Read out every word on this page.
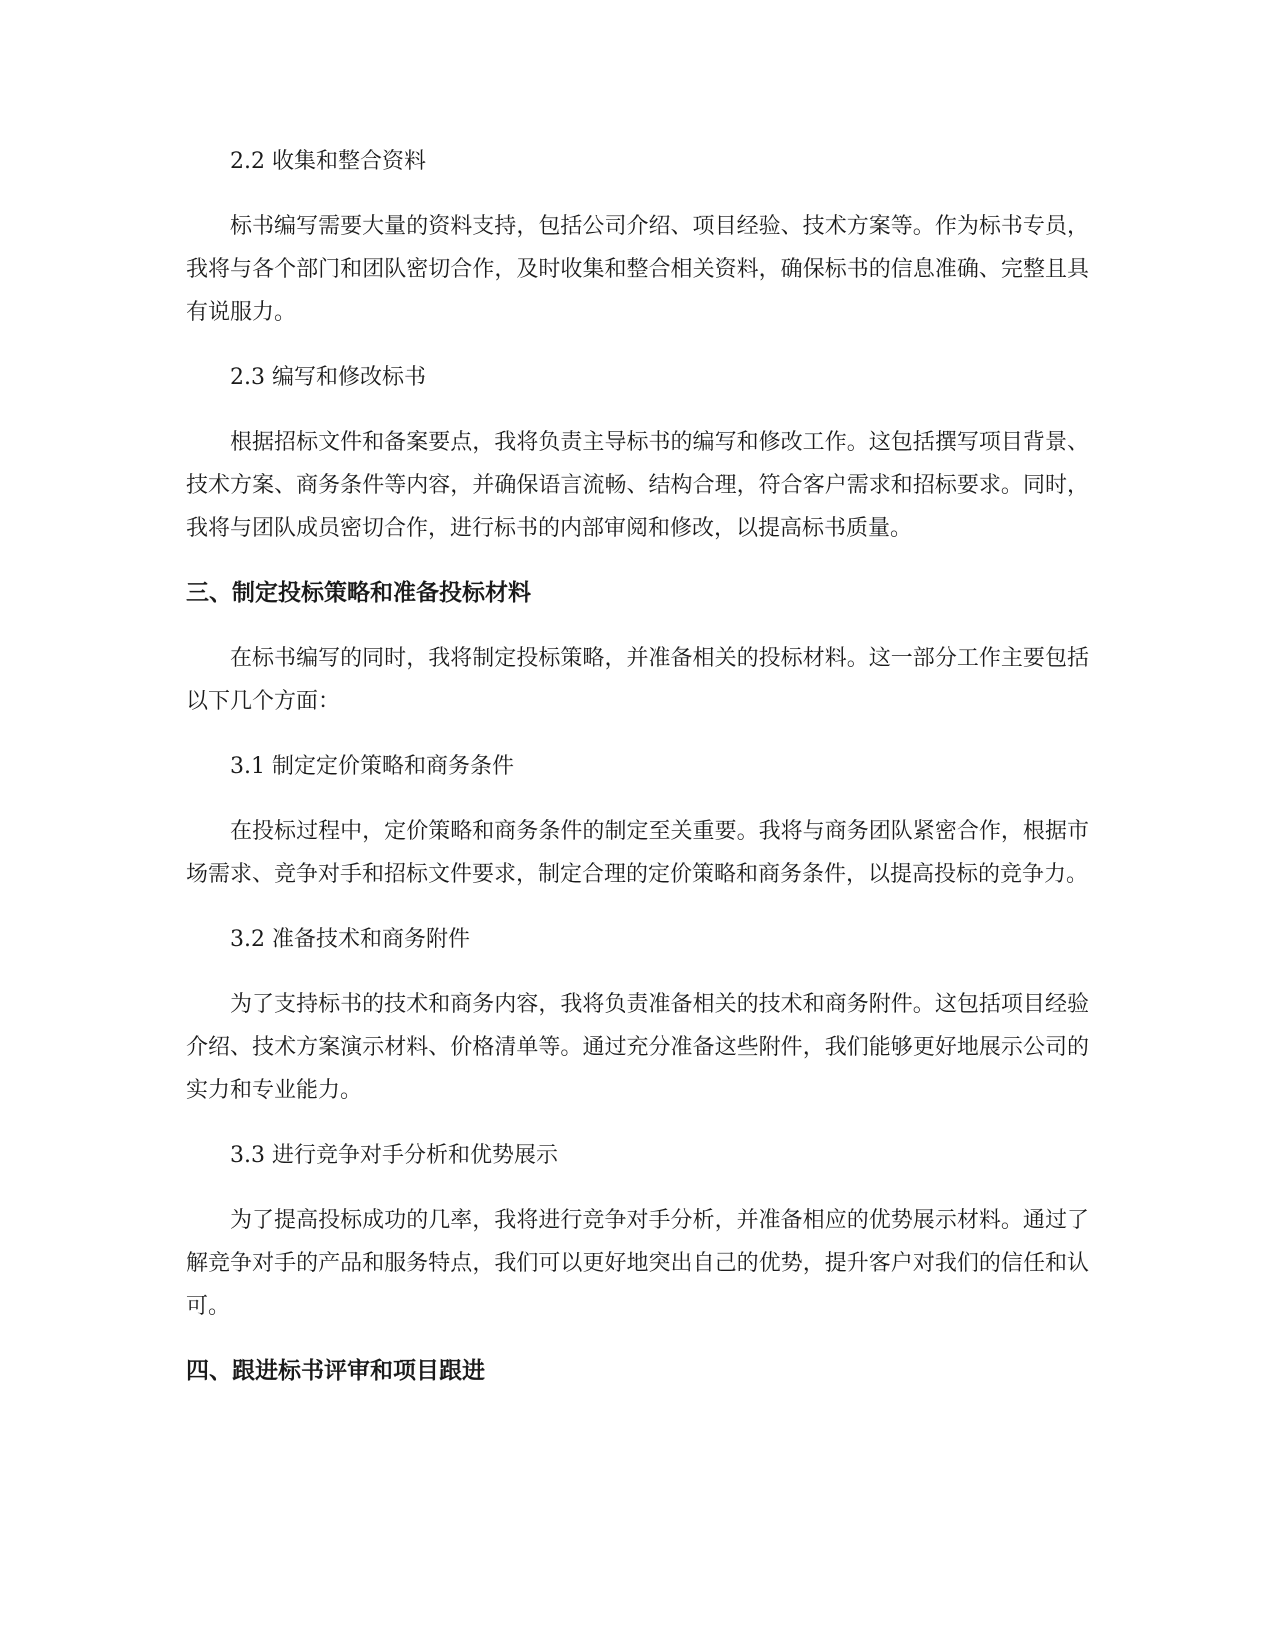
2.2 收集和整合资料

标书编写需要大量的资料支持，包括公司介绍、项目经验、技术方案等。作为标书专员，我将与各个部门和团队密切合作，及时收集和整合相关资料，确保标书的信息准确、完整且具有说服力。

2.3 编写和修改标书

根据招标文件和备案要点，我将负责主导标书的编写和修改工作。这包括撰写项目背景、技术方案、商务条件等内容，并确保语言流畅、结构合理，符合客户需求和招标要求。同时，我将与团队成员密切合作，进行标书的内部审阅和修改，以提高标书质量。

三、制定投标策略和准备投标材料

在标书编写的同时，我将制定投标策略，并准备相关的投标材料。这一部分工作主要包括以下几个方面：

3.1 制定定价策略和商务条件

在投标过程中，定价策略和商务条件的制定至关重要。我将与商务团队紧密合作，根据市场需求、竞争对手和招标文件要求，制定合理的定价策略和商务条件，以提高投标的竞争力。

3.2 准备技术和商务附件

为了支持标书的技术和商务内容，我将负责准备相关的技术和商务附件。这包括项目经验介绍、技术方案演示材料、价格清单等。通过充分准备这些附件，我们能够更好地展示公司的实力和专业能力。

3.3 进行竞争对手分析和优势展示

为了提高投标成功的几率，我将进行竞争对手分析，并准备相应的优势展示材料。通过了解竞争对手的产品和服务特点，我们可以更好地突出自己的优势，提升客户对我们的信任和认可。

四、跟进标书评审和项目跟进
